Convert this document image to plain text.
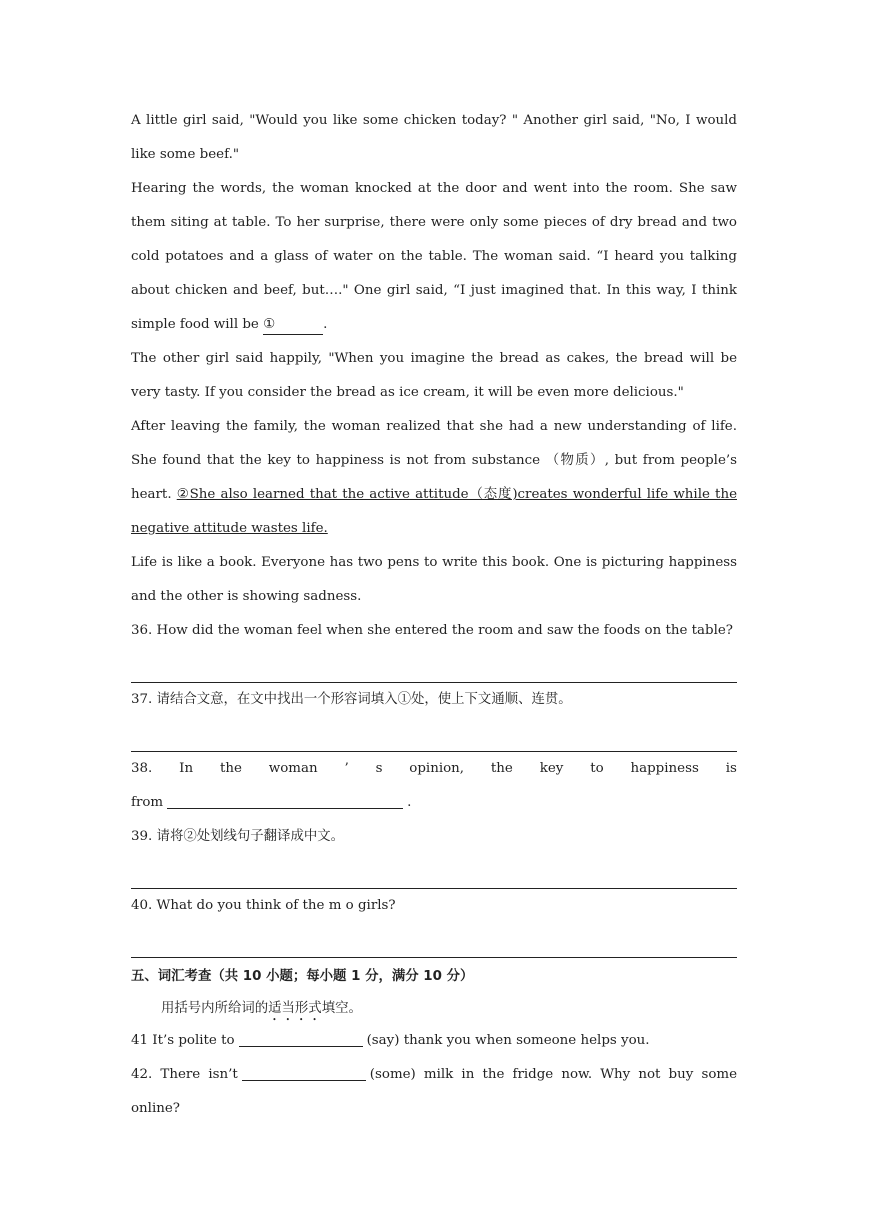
A little girl said, "Would you like some chicken today? " Another girl said, "No, I would like some beef."

Hearing the words, the woman knocked at the door and went into the room. She saw them siting at table. To her surprise, there were only some pieces of dry bread and two cold potatoes and a glass of water on the table. The woman said. “I heard you talking about chicken and beef, but…." One girl said, “I just imagined that. In this way, I think simple food will be ①	.

The other girl said happily, "When you imagine the bread as cakes, the bread will be very tasty. If you consider the bread as ice cream, it will be even more delicious."

After leaving the family, the woman realized that she had a new understanding of life. She found that the key to happiness is not from substance （物质）, but from people’s heart. ②She also learned that the active attitude（态度)creates wonderful life while the negative attitude wastes life.

Life is like a book. Everyone has two pens to write this book. One is picturing happiness and the other is showing sadness.

36. How did the woman feel when she entered the room and saw the foods on the table?
37. 请结合文意，在文中找出一个形容词填入①处，使上下文通顺、连贯。
38. In the woman ’ s opinion, the key to happiness is
from	.
39. 请将②处划线句子翻译成中文。
40. What do you think of the m o girls?
五、词汇考查（共 10 小题；每小题 1 分，满分 10 分）
用括号内所给词的适当形式填空。
41 It’s polite to	(say) thank you when someone helps you.

42. There isn’t	(some) milk in the fridge now. Why not buy some online?
